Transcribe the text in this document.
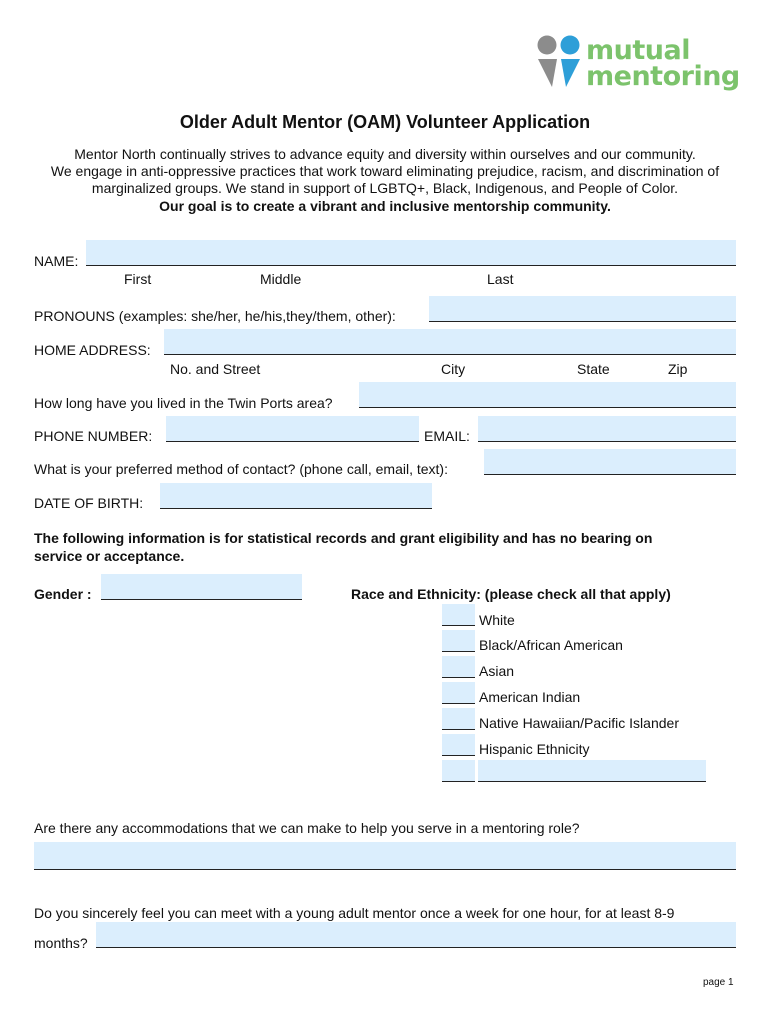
mutual
mentoring
Older Adult Mentor (OAM) Volunteer Application
Mentor North continually strives to advance equity and diversity within ourselves and our community.
We engage in anti-oppressive practices that work toward eliminating prejudice, racism, and discrimination of
marginalized groups. We stand in support of LGBTQ+, Black, Indigenous, and People of Color.
Our goal is to create a vibrant and inclusive mentorship community.
NAME:
First	Middle	Last
PRONOUNS (examples: she/her, he/his,they/them, other):
HOME ADDRESS:
No. and Street	City	State	Zip
How long have you lived in the Twin Ports area?
PHONE NUMBER:	EMAIL:
What is your preferred method of contact? (phone call, email, text):
DATE OF BIRTH:
The following information is for statistical records and grant eligibility and has no bearing on
service or acceptance.
Gender :	Race and Ethnicity: (please check all that apply)
White
Black/African American
Asian
American Indian
Native Hawaiian/Pacific Islander
Hispanic Ethnicity
Are there any accommodations that we can make to help you serve in a mentoring role?
Do you sincerely feel you can meet with a young adult mentor once a week for one hour, for at least 8-9
months?
page 1
